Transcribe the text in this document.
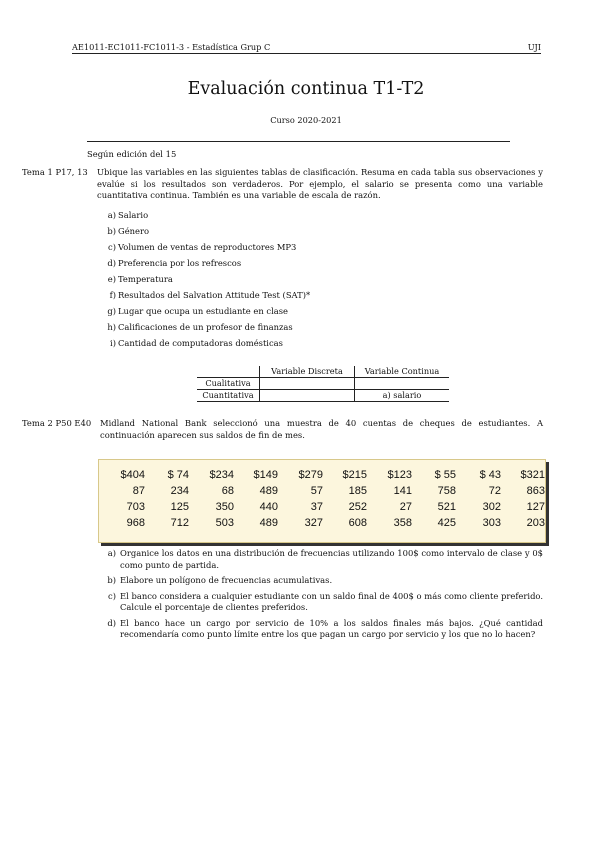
AE1011-EC1011-FC1011-3 - Estadística Grup C	UJI
Evaluación continua T1-T2
Curso 2020-2021
Según edición del 15
Tema 1 P17, 13 Ubique las variables en las siguientes tablas de clasificación. Resuma en cada tabla sus observaciones y evalúe si los resultados son verdaderos. Por ejemplo, el salario se presenta como una variable cuantitativa continua. También es una variable de escala de razón.
a) Salario
b) Género
c) Volumen de ventas de reproductores MP3
d) Preferencia por los refrescos
e) Temperatura
f) Resultados del Salvation Attitude Test (SAT)*
g) Lugar que ocupa un estudiante en clase
h) Calificaciones de un profesor de finanzas
i) Cantidad de computadoras domésticas
	Variable Discreta	Variable Continua
Cualitativa		
Cuantitativa		a) salario
Tema 2 P50 E40 Midland National Bank seleccionó una muestra de 40 cuentas de cheques de estudiantes. A continuación aparecen sus saldos de fin de mes.
$404	$ 74	$234	$149	$279	$215	$123	$ 55	$ 43	$321
87	234	68	489	57	185	141	758	72	863
703	125	350	440	37	252	27	521	302	127
968	712	503	489	327	608	358	425	303	203
a) Organice los datos en una distribución de frecuencias utilizando 100$ como intervalo de clase y 0$ como punto de partida.
b) Elabore un polígono de frecuencias acumulativas.
c) El banco considera a cualquier estudiante con un saldo final de 400$ o más como cliente preferido. Calcule el porcentaje de clientes preferidos.
d) El banco hace un cargo por servicio de 10% a los saldos finales más bajos. ¿Qué cantidad recomendaría como punto límite entre los que pagan un cargo por servicio y los que no lo hacen?
